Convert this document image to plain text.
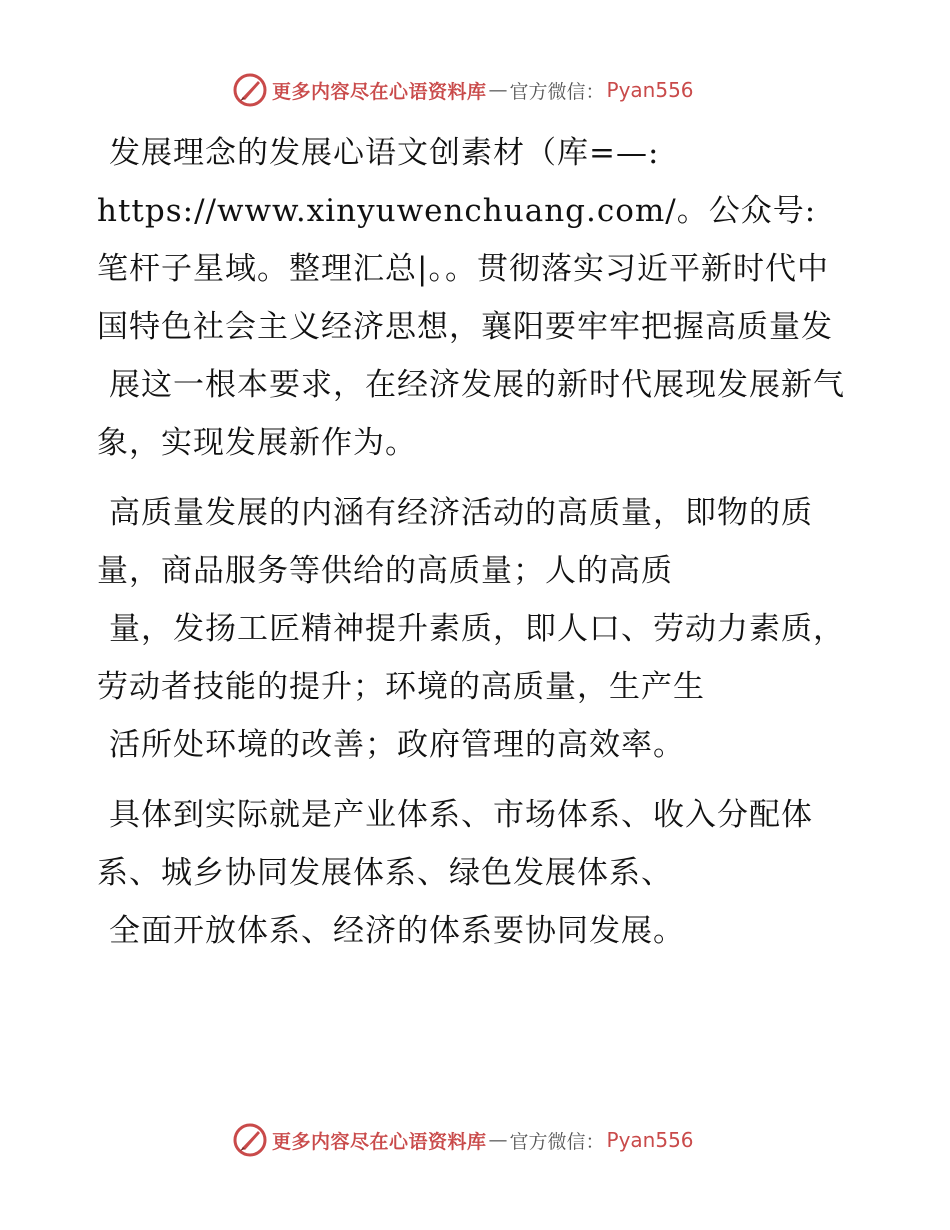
更多内容尽在心语资料库 — 官方微信： Pyan556

发展理念的发展心语文创素材（库=—: https://www.xinyuwenchuang.com/。公众号: 笔杆子星域。整理汇总|。。贯彻落实习近平新时代中国特色社会主义经济思想，襄阳要牢牢把握高质量发

展这一根本要求，在经济发展的新时代展现发展新气象，实现发展新作为。

高质量发展的内涵有经济活动的高质量，即物的质量，商品服务等供给的高质量；人的高质

量，发扬工匠精神提升素质，即人口、劳动力素质，劳动者技能的提升；环境的高质量，生产生

活所处环境的改善；政府管理的高效率。

具体到实际就是产业体系、市场体系、收入分配体系、城乡协同发展体系、绿色发展体系、

全面开放体系、经济的体系要协同发展。

更多内容尽在心语资料库 — 官方微信： Pyan556
